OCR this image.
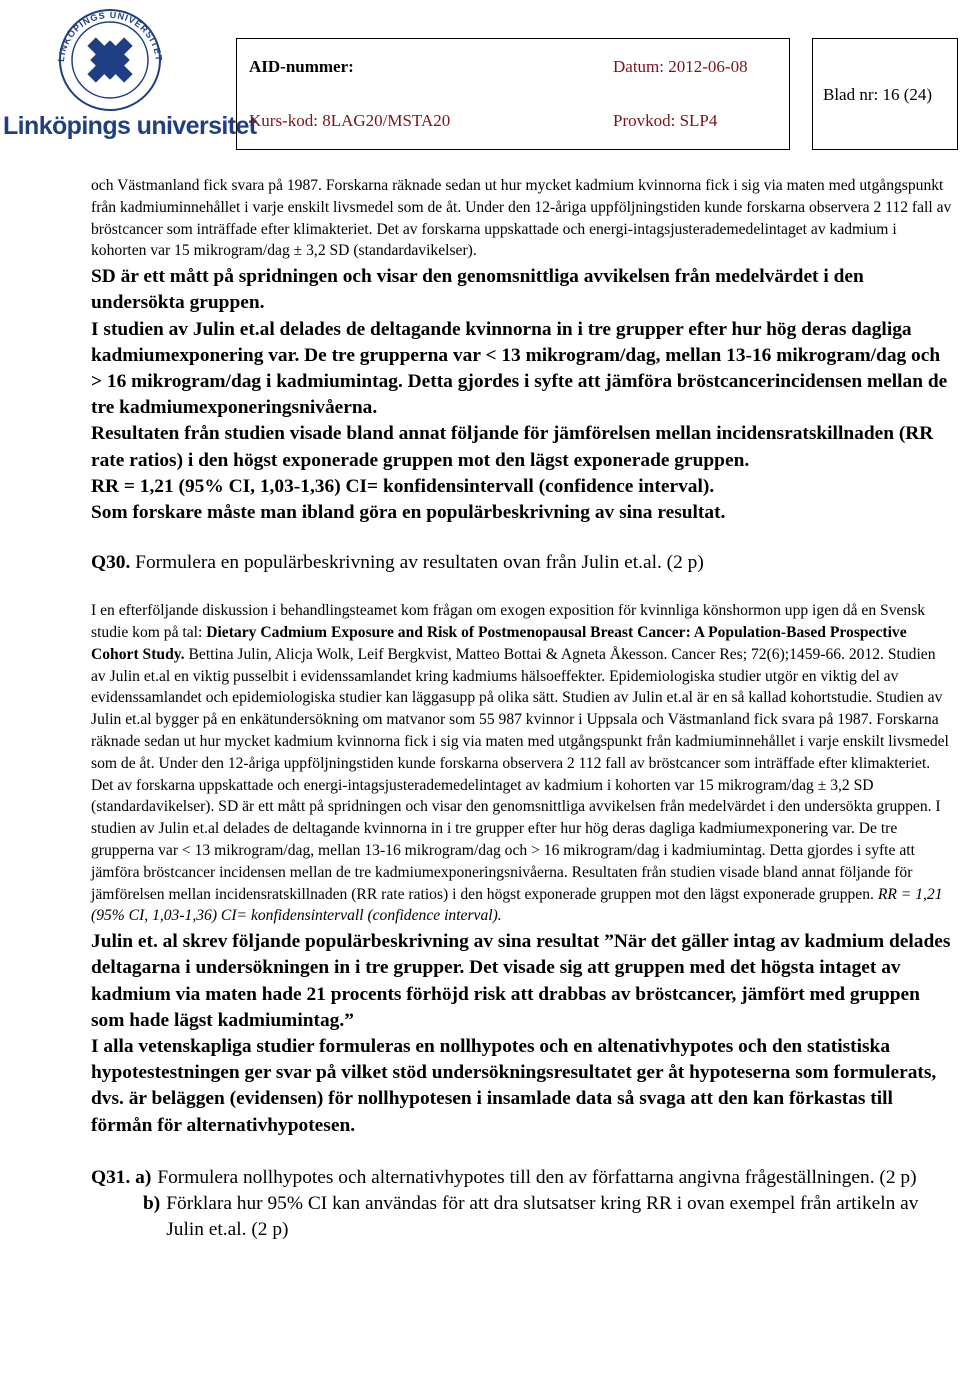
LINKÖPINGS UNIVERSITET
Linköpings universitet
AID-nummer:	Datum: 2012-06-08
Kurs-kod: 8LAG20/MSTA20	Provkod: SLP4
Blad nr: 16 (24)

och Västmanland fick svara på 1987. Forskarna räknade sedan ut hur mycket kadmium kvinnorna fick i sig via maten med utgångspunkt från kadmiuminnehållet i varje enskilt livsmedel som de åt. Under den 12-åriga uppföljningstiden kunde forskarna observera 2 112 fall av bröstcancer som inträffade efter klimakteriet. Det av forskarna uppskattade och energi-intagsjusterademedelintaget av kadmium i kohorten var 15 mikrogram/dag ± 3,2 SD (standardavikelser).

SD är ett mått på spridningen och visar den genomsnittliga avvikelsen från medelvärdet i den undersökta gruppen.

I studien av Julin et.al delades de deltagande kvinnorna in i tre grupper efter hur hög deras dagliga kadmiumexponering var. De tre grupperna var < 13 mikrogram/dag, mellan 13-16 mikrogram/dag och > 16 mikrogram/dag i kadmiumintag. Detta gjordes i syfte att jämföra bröstcancerincidensen mellan de tre kadmiumexponeringsnivåerna.

Resultaten från studien visade bland annat följande för jämförelsen mellan incidensratskillnaden (RR rate ratios) i den högst exponerade gruppen mot den lägst exponerade gruppen.

RR = 1,21 (95% CI, 1,03-1,36) CI= konfidensintervall (confidence interval).

Som forskare måste man ibland göra en populärbeskrivning av sina resultat.

Q30. Formulera en populärbeskrivning av resultaten ovan från Julin et.al. (2 p)

I en efterföljande diskussion i behandlingsteamet kom frågan om exogen exposition för kvinnliga könshormon upp igen då en Svensk studie kom på tal: Dietary Cadmium Exposure and Risk of Postmenopausal Breast Cancer: A Population-Based Prospective Cohort Study. Bettina Julin, Alicja Wolk, Leif Bergkvist, Matteo Bottai & Agneta Åkesson. Cancer Res; 72(6);1459-66. 2012. Studien av Julin et.al en viktig pusselbit i evidenssamlandet kring kadmiums hälsoeffekter. Epidemiologiska studier utgör en viktig del av evidenssamlandet och epidemiologiska studier kan läggasupp på olika sätt. Studien av Julin et.al är en så kallad kohortstudie. Studien av Julin et.al bygger på en enkätundersökning om matvanor som 55 987 kvinnor i Uppsala och Västmanland fick svara på 1987. Forskarna räknade sedan ut hur mycket kadmium kvinnorna fick i sig via maten med utgångspunkt från kadmiuminnehållet i varje enskilt livsmedel som de åt. Under den 12-åriga uppföljningstiden kunde forskarna observera 2 112 fall av bröstcancer som inträffade efter klimakteriet. Det av forskarna uppskattade och energi-intagsjusterademedelintaget av kadmium i kohorten var 15 mikrogram/dag ± 3,2 SD (standardavikelser). SD är ett mått på spridningen och visar den genomsnittliga avvikelsen från medelvärdet i den undersökta gruppen. I studien av Julin et.al delades de deltagande kvinnorna in i tre grupper efter hur hög deras dagliga kadmiumexponering var. De tre grupperna var < 13 mikrogram/dag, mellan 13-16 mikrogram/dag och > 16 mikrogram/dag i kadmiumintag. Detta gjordes i syfte att jämföra bröstcancer incidensen mellan de tre kadmiumexponeringsnivåerna. Resultaten från studien visade bland annat följande för jämförelsen mellan incidensratskillnaden (RR rate ratios) i den högst exponerade gruppen mot den lägst exponerade gruppen. RR = 1,21 (95% CI, 1,03-1,36) CI= konfidensintervall (confidence interval).

Julin et. al skrev följande populärbeskrivning av sina resultat ”När det gäller intag av kadmium delades deltagarna i undersökningen in i tre grupper. Det visade sig att gruppen med det högsta intaget av kadmium via maten hade 21 procents förhöjd risk att drabbas av bröstcancer, jämfört med gruppen som hade lägst kadmiumintag.”

I alla vetenskapliga studier formuleras en nollhypotes och en altenativhypotes och den statistiska hypotestestningen ger svar på vilket stöd undersökningsresultatet ger åt hypoteserna som formulerats, dvs. är beläggen (evidensen) för nollhypotesen i insamlade data så svaga att den kan förkastas till förmån för alternativhypotesen.

Q31. a) Formulera nollhypotes och alternativhypotes till den av författarna angivna frågeställningen. (2 p)
b) Förklara hur 95% CI kan användas för att dra slutsatser kring RR i ovan exempel från artikeln av Julin et.al. (2 p)
